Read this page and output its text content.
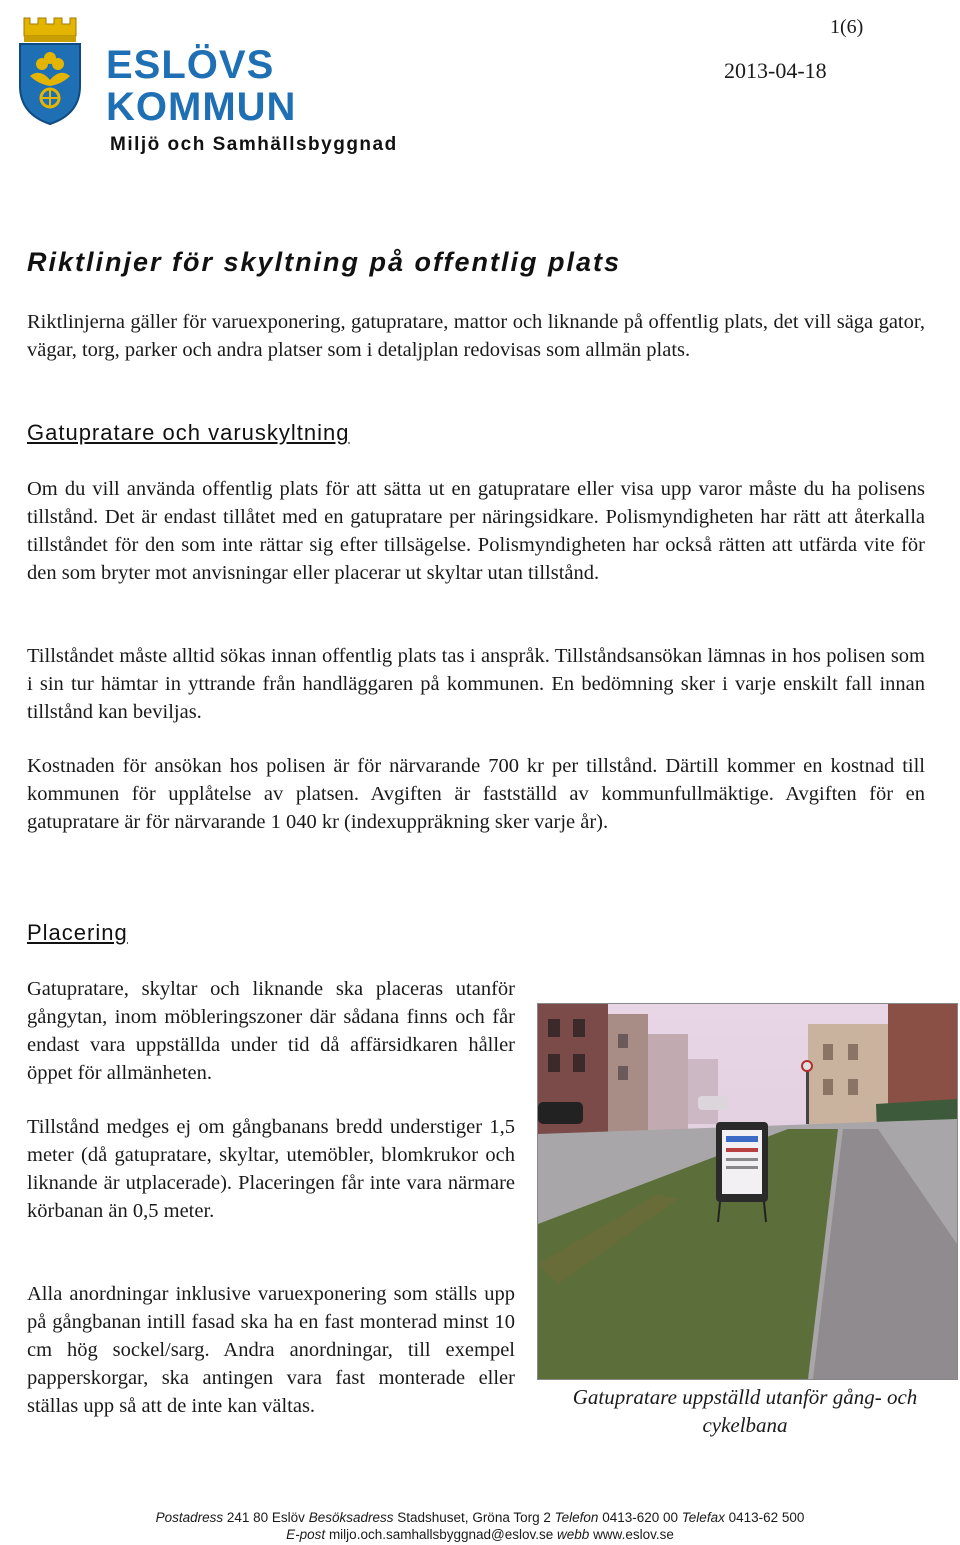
ESLÖVS
KOMMUN
Miljö och Samhällsbyggnad
1(6)
2013-04-18
Riktlinjer för skyltning på offentlig plats
Riktlinjerna gäller för varuexponering, gatupratare, mattor och liknande på offentlig plats, det vill säga gator, vägar, torg, parker och andra platser som i detaljplan redovisas som allmän plats.
Gatupratare och varuskyltning
Om du vill använda offentlig plats för att sätta ut en gatupratare eller visa upp varor måste du ha polisens tillstånd. Det är endast tillåtet med en gatupratare per näringsidkare. Polismyndigheten har rätt att återkalla tillståndet för den som inte rättar sig efter tillsägelse. Polismyndigheten har också rätten att utfärda vite för den som bryter mot anvisningar eller placerar ut skyltar utan tillstånd.
Tillståndet måste alltid sökas innan offentlig plats tas i anspråk. Tillståndsansökan lämnas in hos polisen som i sin tur hämtar in yttrande från handläggaren på kommunen. En bedömning sker i varje enskilt fall innan tillstånd kan beviljas.
Kostnaden för ansökan hos polisen är för närvarande 700 kr per tillstånd. Därtill kommer en kostnad till kommunen för upplåtelse av platsen. Avgiften är fastställd av kommunfullmäktige. Avgiften för en gatupratare är för närvarande 1 040 kr (indexuppräkning sker varje år).
Placering
Gatupratare, skyltar och liknande ska placeras utanför gångytan, inom möbleringszoner där sådana finns och får endast vara uppställda under tid då affärsidkaren håller öppet för allmänheten.
Tillstånd medges ej om gångbanans bredd understiger 1,5 meter (då gatupratare, skyltar, utemöbler, blomkrukor och liknande är utplacerade). Placeringen får inte vara närmare körbanan än 0,5 meter.
Alla anordningar inklusive varuexponering som ställs upp på gångbanan intill fasad ska ha en fast monterad minst 10 cm hög sockel/sarg. Andra anordningar, till exempel papperskorgar, ska antingen vara fast monterade eller ställas upp så att de inte kan vältas.	Gatupratare uppställd utanför gång- och cykelbana
Postadress 241 80 Eslöv Besöksadress Stadshuset, Gröna Torg 2 Telefon 0413-620 00 Telefax 0413-62 500
E-post miljo.och.samhallsbyggnad@eslov.se webb www.eslov.se
